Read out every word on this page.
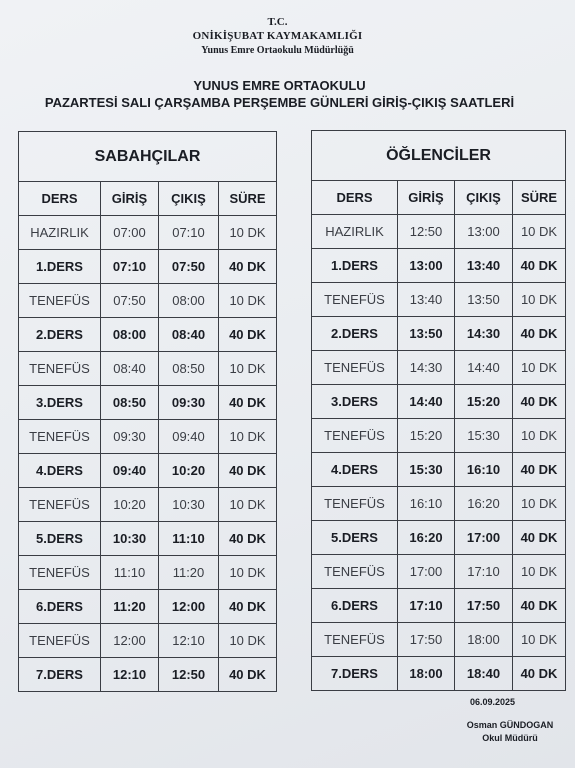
T.C.
ONİKİŞUBAT KAYMAKAMLIĞI
Yunus Emre Ortaokulu Müdürlüğü
YUNUS EMRE ORTAOKULU
PAZARTESİ SALI ÇARŞAMBA PERŞEMBE GÜNLERİ GİRİŞ-ÇIKIŞ SAATLERİ
SABAHÇILAR			
DERS	GİRİŞ	ÇIKIŞ	SÜRE
HAZIRLIK	07:00	07:10	10 DK
1.DERS	07:10	07:50	40 DK
TENEFÜS	07:50	08:00	10 DK
2.DERS	08:00	08:40	40 DK
TENEFÜS	08:40	08:50	10 DK
3.DERS	08:50	09:30	40 DK
TENEFÜS	09:30	09:40	10 DK
4.DERS	09:40	10:20	40 DK
TENEFÜS	10:20	10:30	10 DK
5.DERS	10:30	11:10	40 DK
TENEFÜS	11:10	11:20	10 DK
6.DERS	11:20	12:00	40 DK
TENEFÜS	12:00	12:10	10 DK
7.DERS	12:10	12:50	40 DK
ÖĞLENCİLER			
DERS	GİRİŞ	ÇIKIŞ	SÜRE
HAZIRLIK	12:50	13:00	10 DK
1.DERS	13:00	13:40	40 DK
TENEFÜS	13:40	13:50	10 DK
2.DERS	13:50	14:30	40 DK
TENEFÜS	14:30	14:40	10 DK
3.DERS	14:40	15:20	40 DK
TENEFÜS	15:20	15:30	10 DK
4.DERS	15:30	16:10	40 DK
TENEFÜS	16:10	16:20	10 DK
5.DERS	16:20	17:00	40 DK
TENEFÜS	17:00	17:10	10 DK
6.DERS	17:10	17:50	40 DK
TENEFÜS	17:50	18:00	10 DK
7.DERS	18:00	18:40	40 DK
06.09.2025
Osman GÜNDOGAN
Okul Müdürü
